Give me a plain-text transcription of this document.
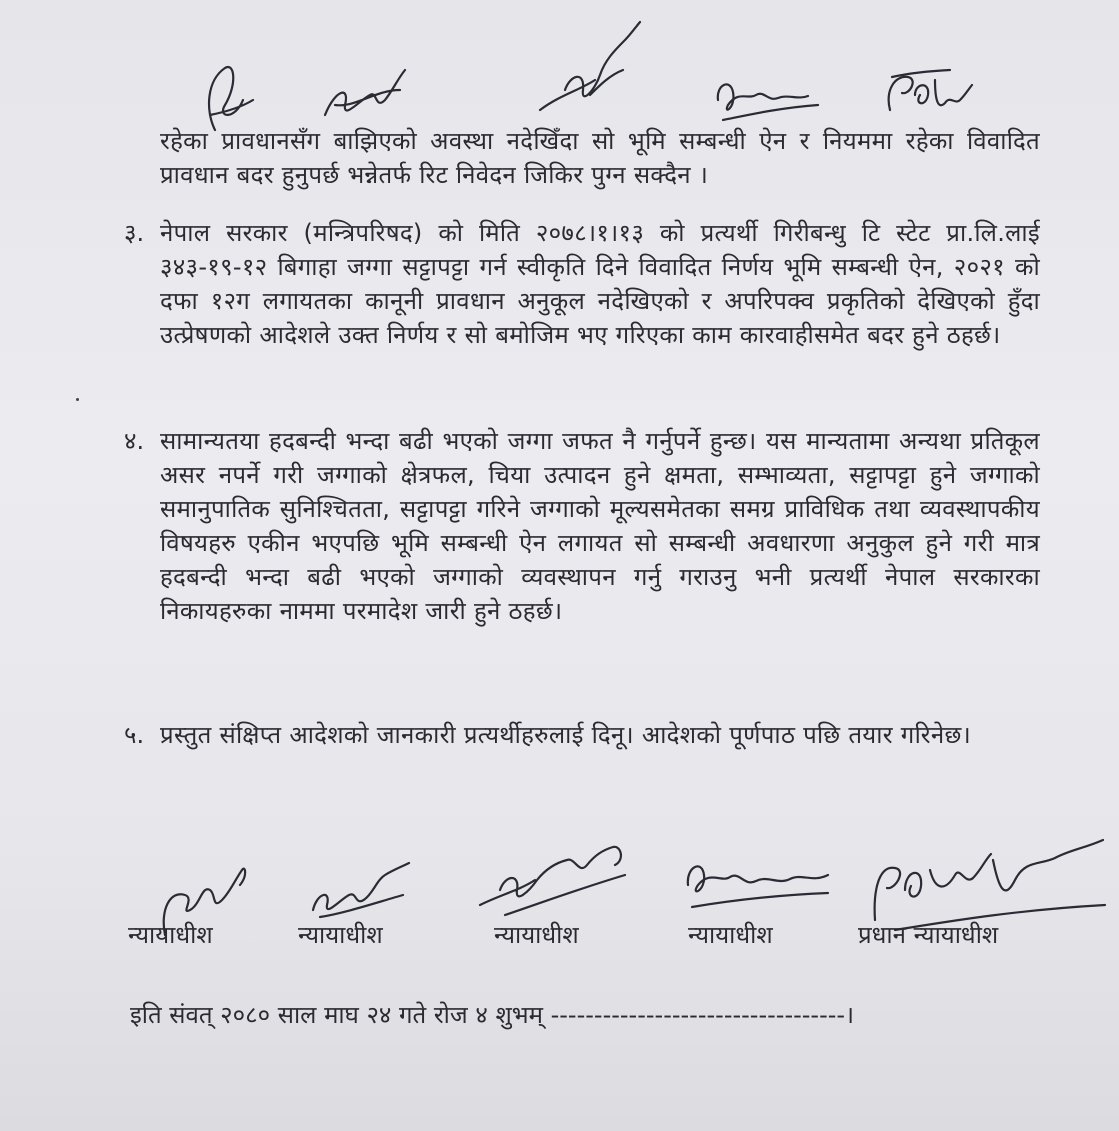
रहेका प्रावधानसँग बाझिएको अवस्था नदेखिँदा सो भूमि सम्बन्धी ऐन र नियममा रहेका विवादित प्रावधान बदर हुनुपर्छ भन्नेतर्फ रिट निवेदन जिकिर पुग्न सक्दैन ।

३. नेपाल सरकार (मन्त्रिपरिषद) को मिति २०७८।१।१३ को प्रत्यर्थी गिरीबन्धु टि स्टेट प्रा.लि.लाई ३४३-१९-१२ बिगाहा जग्गा सट्टापट्टा गर्न स्वीकृति दिने विवादित निर्णय भूमि सम्बन्धी ऐन, २०२१ को दफा १२ग लगायतका कानूनी प्रावधान अनुकूल नदेखिएको र अपरिपक्व प्रकृतिको देखिएको हुँदा उत्प्रेषणको आदेशले उक्त निर्णय र सो बमोजिम भए गरिएका काम कारवाहीसमेत बदर हुने ठहर्छ।

४. सामान्यतया हदबन्दी भन्दा बढी भएको जग्गा जफत नै गर्नुपर्ने हुन्छ। यस मान्यतामा अन्यथा प्रतिकूल असर नपर्ने गरी जग्गाको क्षेत्रफल, चिया उत्पादन हुने क्षमता, सम्भाव्यता, सट्टापट्टा हुने जग्गाको समानुपातिक सुनिश्चितता, सट्टापट्टा गरिने जग्गाको मूल्यसमेतका समग्र प्राविधिक तथा व्यवस्थापकीय विषयहरु एकीन भएपछि भूमि सम्बन्धी ऐन लगायत सो सम्बन्धी अवधारणा अनुकुल हुने गरी मात्र हदबन्दी भन्दा बढी भएको जग्गाको व्यवस्थापन गर्नु गराउनु भनी प्रत्यर्थी नेपाल सरकारका निकायहरुका नाममा परमादेश जारी हुने ठहर्छ।

५. प्रस्तुत संक्षिप्त आदेशको जानकारी प्रत्यर्थीहरुलाई दिनू। आदेशको पूर्णपाठ पछि तयार गरिनेछ।

न्यायाधीश	न्यायाधीश	न्यायाधीश	न्यायाधीश	प्रधान न्यायाधीश
इति संवत् २०८० साल माघ २४ गते रोज ४ शुभम् ----------------------------------।
